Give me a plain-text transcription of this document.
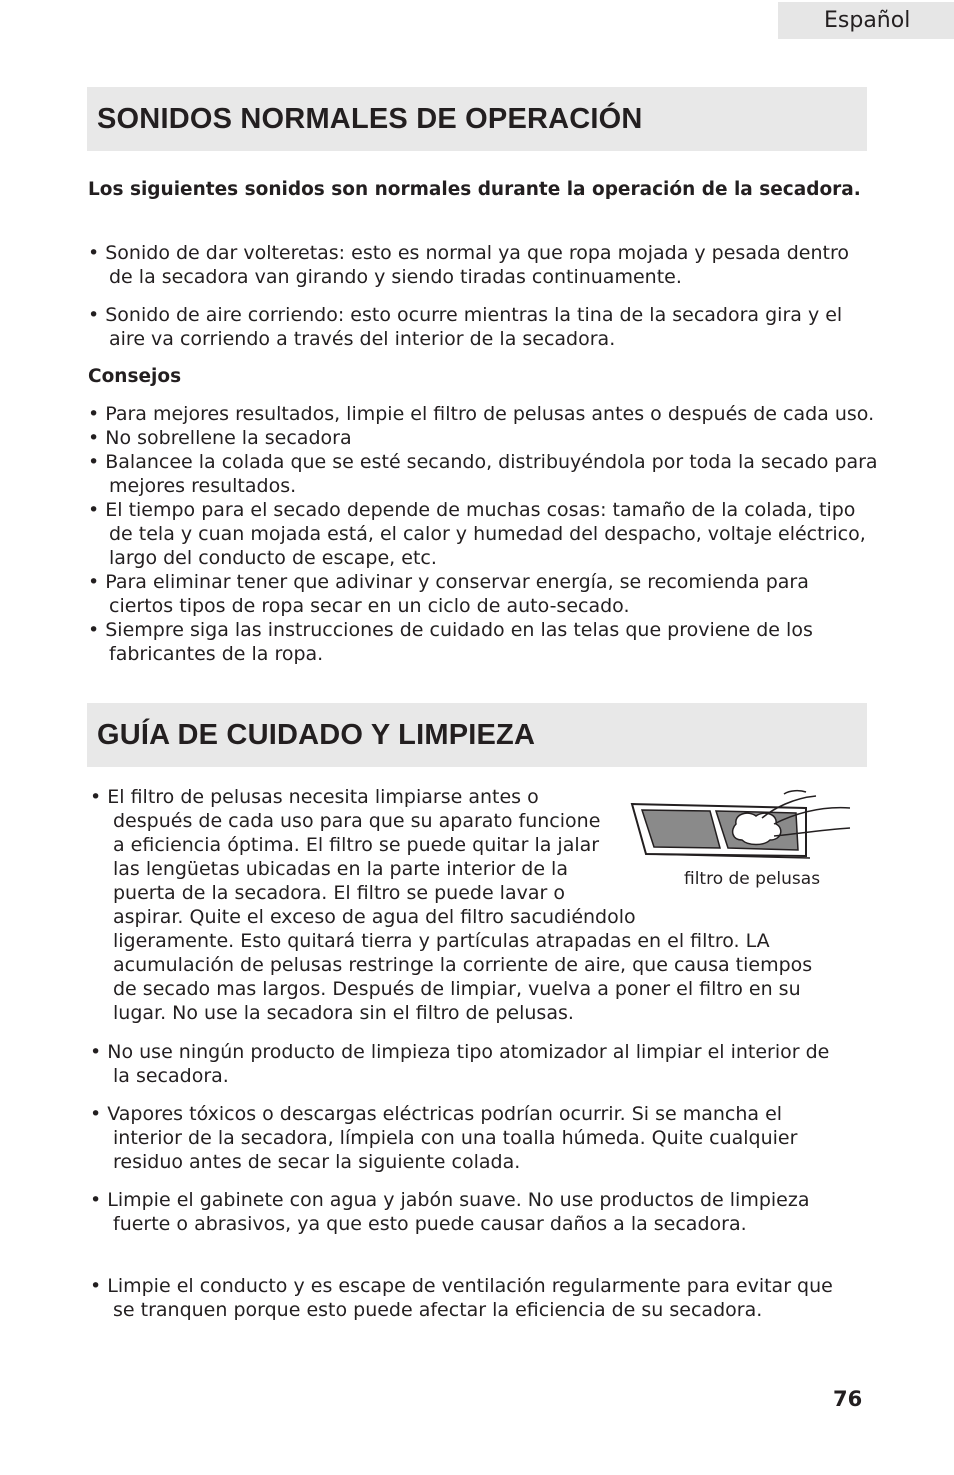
Español
SONIDOS NORMALES DE OPERACIÓN

Los siguientes sonidos son normales durante la operación de la secadora.

• Sonido de dar volteretas: esto es normal ya que ropa mojada y pesada dentro de la secadora van girando y siendo tiradas continuamente.

• Sonido de aire corriendo: esto ocurre mientras la tina de la secadora gira y el aire va corriendo a través del interior de la secadora.

Consejos

• Para mejores resultados, limpie el filtro de pelusas antes o después de cada uso.
• No sobrellene la secadora
• Balancee la colada que se esté secando, distribuyéndola por toda la secado para mejores resultados.
• El tiempo para el secado depende de muchas cosas: tamaño de la colada, tipo de tela y cuan mojada está, el calor y humedad del despacho, voltaje eléctrico, largo del conducto de escape, etc.
• Para eliminar tener que adivinar y conservar energía, se recomienda para ciertos tipos de ropa secar en un ciclo de auto-secado.
• Siempre siga las instrucciones de cuidado en las telas que proviene de los fabricantes de la ropa.
GUÍA DE CUIDADO Y LIMPIEZA

filtro de pelusas

• El filtro de pelusas necesita limpiarse antes o
después de cada uso para que su aparato funcione
a eficiencia óptima. El filtro se puede quitar la jalar
las lengüetas ubicadas en la parte interior de la
puerta de la secadora. El filtro se puede lavar o
aspirar. Quite el exceso de agua del filtro sacudiéndolo
ligeramente. Esto quitará tierra y partículas atrapadas en el filtro. LA
acumulación de pelusas restringe la corriente de aire, que causa tiempos
de secado mas largos. Después de limpiar, vuelva a poner el filtro en su
lugar. No use la secadora sin el filtro de pelusas.

• No use ningún producto de limpieza tipo atomizador al limpiar el interior de la secadora.

• Vapores tóxicos o descargas eléctricas podrían ocurrir. Si se mancha el interior de la secadora, límpiela con una toalla húmeda. Quite cualquier residuo antes de secar la siguiente colada.

• Limpie el gabinete con agua y jabón suave. No use productos de limpieza fuerte o abrasivos, ya que esto puede causar daños a la secadora.

• Limpie el conducto y es escape de ventilación regularmente para evitar que se tranquen porque esto puede afectar la eficiencia de su secadora.

76
